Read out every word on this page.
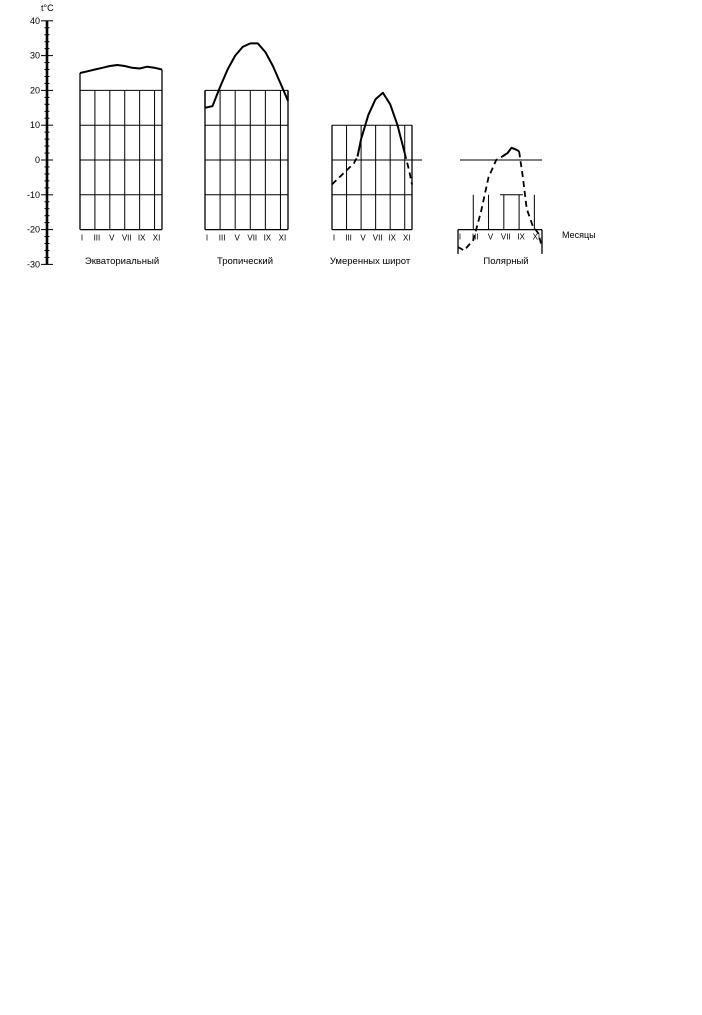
t°C
40
30
20
10
0
-10
-20
-30
I III V VII IX XI
Экваториальный
I III V VII IX XI
Тропический
I III V VII IX XI
Умеренных широт
I III V VII IX XI
Полярный
Месяцы
